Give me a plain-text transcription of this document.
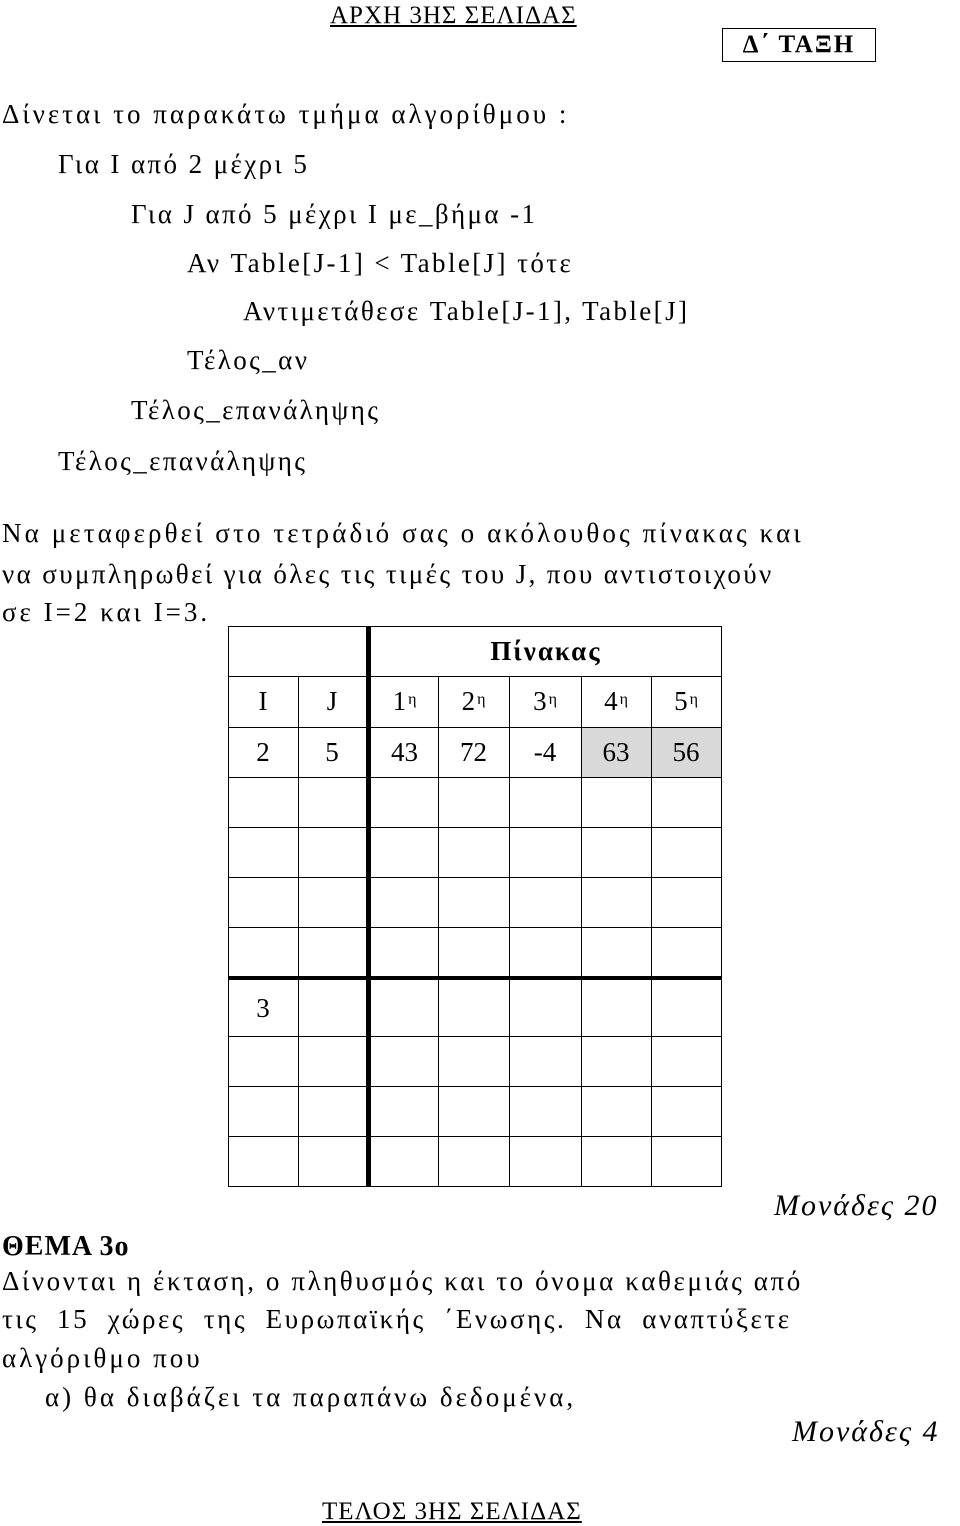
ΑΡΧΗ 3ΗΣ ΣΕΛΙΔΑΣ
Δ΄ ΤΑΞΗ
Δίνεται το παρακάτω τμήμα αλγορίθμου :
Για Ι από 2 μέχρι 5
Για J από 5 μέχρι I με_βήμα -1
Αν Table[J-1] < Table[J] τότε
Αντιμετάθεσε Table[J-1], Table[J]
Τέλος_αν
Τέλος_επανάληψης
Τέλος_επανάληψης
Να μεταφερθεί στο τετράδιό σας ο ακόλουθος πίνακας και
να συμπληρωθεί για όλες τις τιμές του J, που αντιστοιχούν
σε Ι=2 και Ι=3.
Πίνακας
Ι	J	$1^\eta$ $2^\eta$ $3^\eta$ $4^\eta$ $5^\eta$
2	5	43	72	-4	63	56
3
Μονάδες 20
ΘΕΜΑ 3ο
Δίνονται η έκταση, ο πληθυσμός και το όνομα καθεμιάς από
τις  15  χώρες  της  Ευρωπαϊκής  ΄Ενωσης.  Να  αναπτύξετε
αλγόριθμο που
α) θα διαβάζει τα παραπάνω δεδομένα,
Μονάδες 4
ΤΕΛΟΣ 3ΗΣ ΣΕΛΙΔΑΣ
